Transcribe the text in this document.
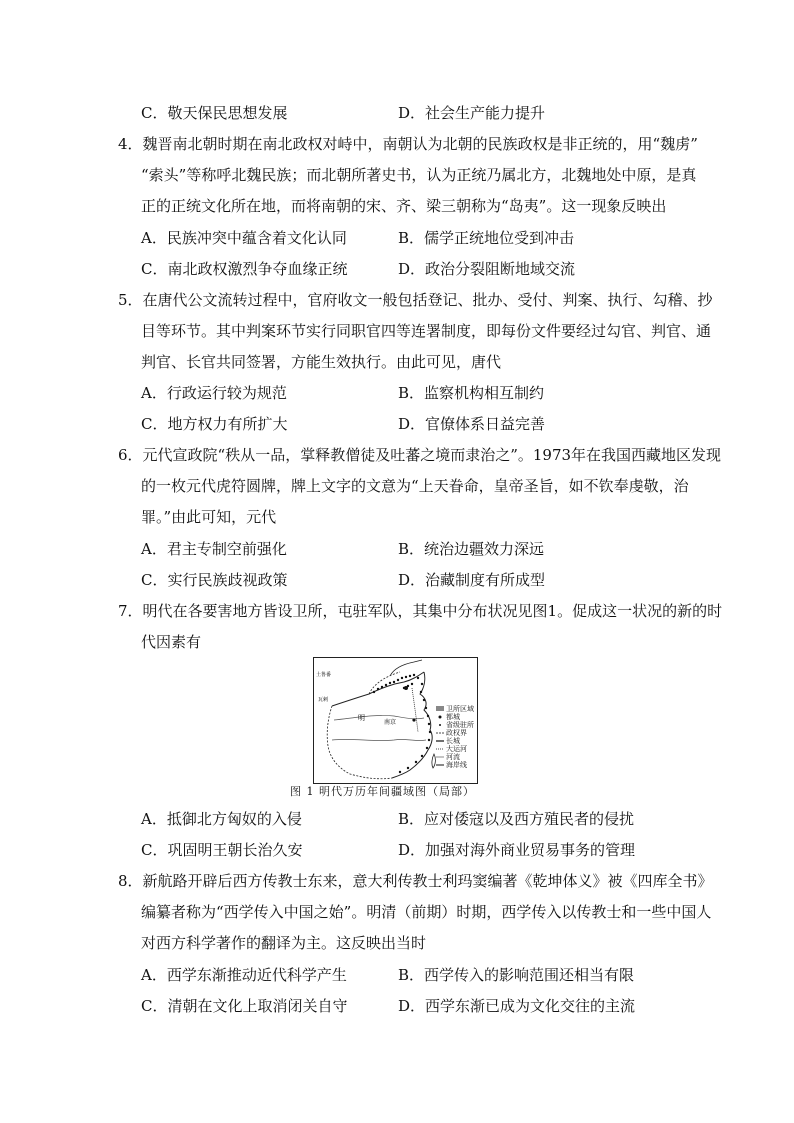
C．敬天保民思想发展	D．社会生产能力提升
4．魏晋南北朝时期在南北政权对峙中，南朝认为北朝的民族政权是非正统的，用“魏虏”
“索头”等称呼北魏民族；而北朝所著史书，认为正统乃属北方，北魏地处中原，是真
正的正统文化所在地，而将南朝的宋、齐、梁三朝称为“岛夷”。这一现象反映出
A．民族冲突中蕴含着文化认同	B．儒学正统地位受到冲击
C．南北政权激烈争夺血缘正统	D．政治分裂阻断地域交流
5．在唐代公文流转过程中，官府收文一般包括登记、批办、受付、判案、执行、勾稽、抄
目等环节。其中判案环节实行同职官四等连署制度，即每份文件要经过勾官、判官、通
判官、长官共同签署，方能生效执行。由此可见，唐代
A．行政运行较为规范	B．监察机构相互制约
C．地方权力有所扩大	D．官僚体系日益完善
6．元代宣政院“秩从一品，掌释教僧徒及吐蕃之境而隶治之”。1973年在我国西藏地区发现
的一枚元代虎符圆牌，牌上文字的文意为“上天眷命，皇帝圣旨，如不钦奉虔敬，治
罪。”由此可知，元代
A．君主专制空前强化	B．统治边疆效力深远
C．实行民族歧视政策	D．治藏制度有所成型
7．明代在各要害地方皆设卫所，屯驻军队，其集中分布状况见图1。促成这一状况的新的时
代因素有
土鲁番
瓦剌
明
南京
卫所区域
都城
省级驻所
政权界
长城
大运河
河流
海岸线
图 1 明代万历年间疆域图（局部）
A．抵御北方匈奴的入侵	B．应对倭寇以及西方殖民者的侵扰
C．巩固明王朝长治久安	D．加强对海外商业贸易事务的管理
8．新航路开辟后西方传教士东来，意大利传教士利玛窦编著《乾坤体义》被《四库全书》
编纂者称为“西学传入中国之始”。明清（前期）时期，西学传入以传教士和一些中国人
对西方科学著作的翻译为主。这反映出当时
A．西学东渐推动近代科学产生	B．西学传入的影响范围还相当有限
C．清朝在文化上取消闭关自守	D．西学东渐已成为文化交往的主流
